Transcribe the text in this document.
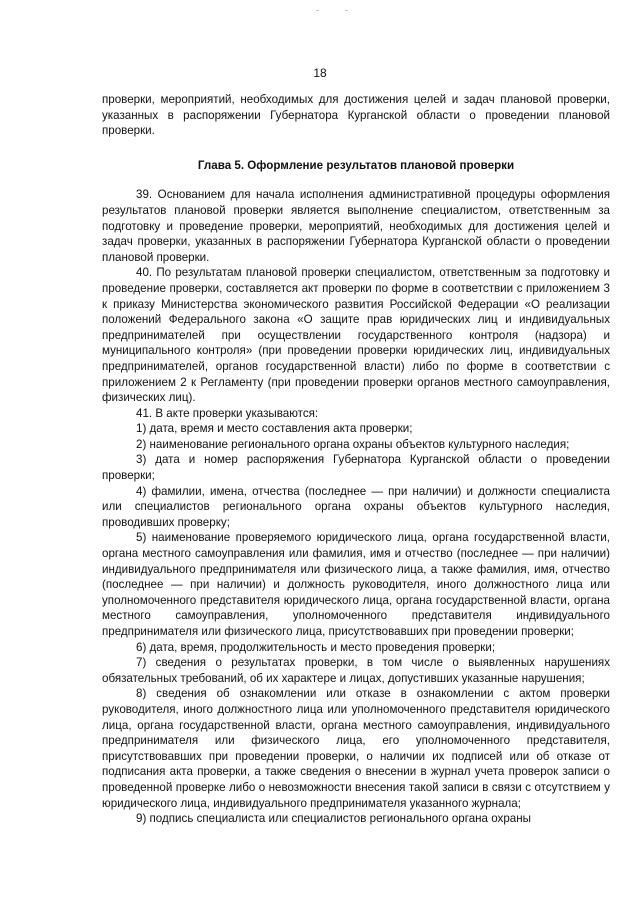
18

проверки, мероприятий, необходимых для достижения целей и задач плановой проверки, указанных в распоряжении Губернатора Курганской области о проведении плановой проверки.

Глава 5. Оформление результатов плановой проверки

39. Основанием для начала исполнения административной процедуры оформления результатов плановой проверки является выполнение специалистом, ответственным за подготовку и проведение проверки, мероприятий, необходимых для достижения целей и задач проверки, указанных в распоряжении Губернатора Курганской области о проведении плановой проверки.

40. По результатам плановой проверки специалистом, ответственным за подготовку и проведение проверки, составляется акт проверки по форме в соответствии с приложением 3 к приказу Министерства экономического развития Российской Федерации «О реализации положений Федерального закона «О защите прав юридических лиц и индивидуальных предпринимателей при осуществлении государственного контроля (надзора) и муниципального контроля» (при проведении проверки юридических лиц, индивидуальных предпринимателей, органов государственной власти) либо по форме в соответствии с приложением 2 к Регламенту (при проведении проверки органов местного самоуправления, физических лиц).

41. В акте проверки указываются:

1) дата, время и место составления акта проверки;

2) наименование регионального органа охраны объектов культурного наследия;

3) дата и номер распоряжения Губернатора Курганской области о проведении проверки;

4) фамилии, имена, отчества (последнее — при наличии) и должности специалиста или специалистов регионального органа охраны объектов культурного наследия, проводивших проверку;

5) наименование проверяемого юридического лица, органа государственной власти, органа местного самоуправления или фамилия, имя и отчество (последнее — при наличии) индивидуального предпринимателя или физического лица, а также фамилия, имя, отчество (последнее — при наличии) и должность руководителя, иного должностного лица или уполномоченного представителя юридического лица, органа государственной власти, органа местного самоуправления, уполномоченного представителя индивидуального предпринимателя или физического лица, присутствовавших при проведении проверки;

6) дата, время, продолжительность и место проведения проверки;

7) сведения о результатах проверки, в том числе о выявленных нарушениях обязательных требований, об их характере и лицах, допустивших указанные нарушения;

8) сведения об ознакомлении или отказе в ознакомлении с актом проверки руководителя, иного должностного лица или уполномоченного представителя юридического лица, органа государственной власти, органа местного самоуправления, индивидуального предпринимателя или физического лица, его уполномоченного представителя, присутствовавших при проведении проверки, о наличии их подписей или об отказе от подписания акта проверки, а также сведения о внесении в журнал учета проверок записи о проведенной проверке либо о невозможности внесения такой записи в связи с отсутствием у юридического лица, индивидуального предпринимателя указанного журнала;

9) подпись специалиста или специалистов регионального органа охраны
